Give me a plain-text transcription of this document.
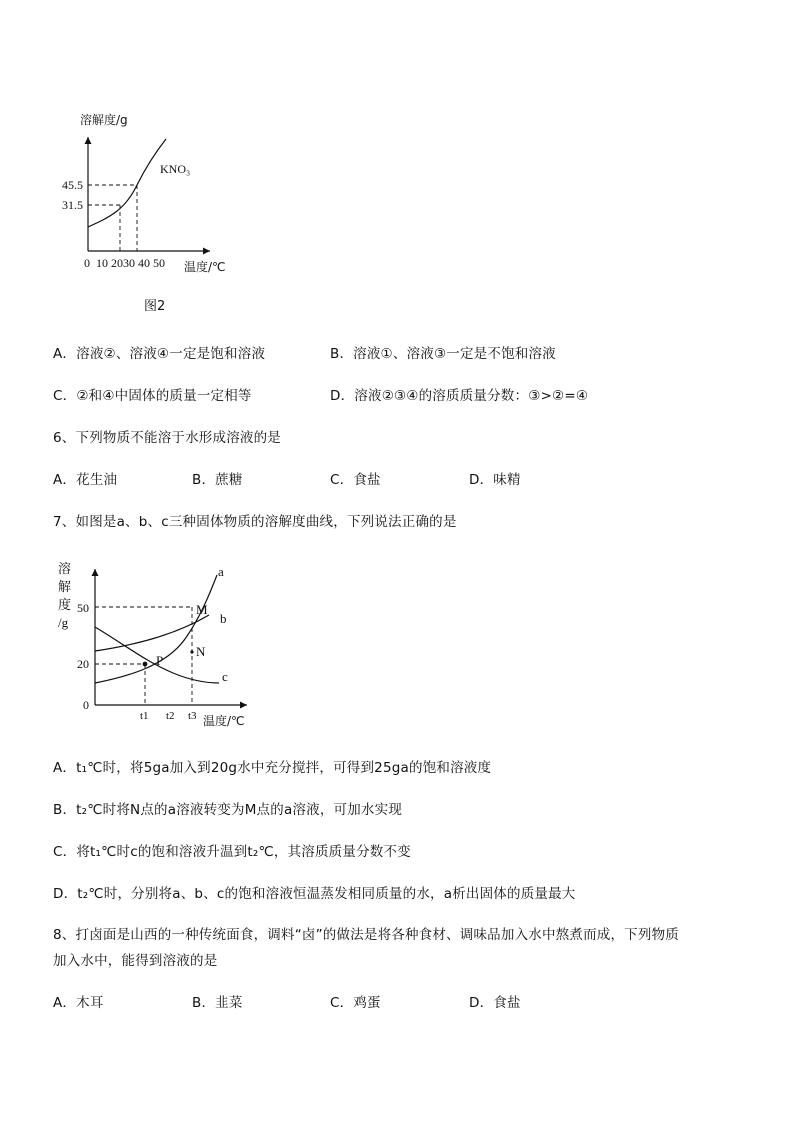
溶解度/g
45.5
31.5
KNO₃
0  10 2030 40 50 温度/℃
图2
A．溶液②、溶液④一定是饱和溶液	B．溶液①、溶液③一定是不饱和溶液
C．②和④中固体的质量一定相等	D．溶液②③④的溶质质量分数：③>②=④
6、下列物质不能溶于水形成溶液的是
A．花生油	B．蔗糖	C．食盐	D．味精
7、如图是a、b、c三种固体物质的溶解度曲线，下列说法正确的是
溶
解
度
/g
50
20
0
t1 t2 t3 温度/℃
a
b
c
M
N
P
A．t₁℃时，将5ga加入到20g水中充分搅拌，可得到25ga的饱和溶液度
B．t₂℃时将N点的a溶液转变为M点的a溶液，可加水实现
C．将t₁℃时c的饱和溶液升温到t₂℃，其溶质质量分数不变
D．t₂℃时，分别将a、b、c的饱和溶液恒温蒸发相同质量的水，a析出固体的质量最大
8、打卤面是山西的一种传统面食，调料“卤”的做法是将各种食材、调味品加入水中熬煮而成，下列物质
加入水中，能得到溶液的是
A．木耳	B．韭菜	C．鸡蛋	D．食盐
